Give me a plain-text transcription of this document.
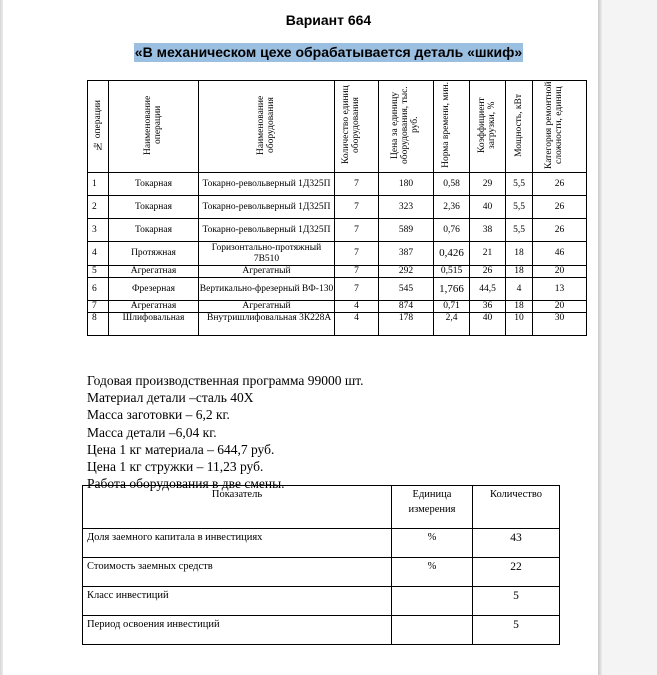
Вариант 664
«В механическом цехе обрабатывается деталь «шкиф»
№ операции	Наименование операции	Наименование оборудования	Количество единиц оборудования	Цена за единицу оборудования, тыс. руб.	Норма времени, мин.	Коэффициент загрузки, %	Мощность, кВт	Категория ремонтной сложности, единиц
1	Токарная	Токарно-револьверный 1Д325П	7	180	0,58	29	5,5	26
2	Токарная	Токарно-револьверный 1Д325П	7	323	2,36	40	5,5	26
3	Токарная	Токарно-револьверный 1Д325П	7	589	0,76	38	5,5	26
4	Протяжная	Горизонтально-протяжный 7В510	7	387	0,426	21	18	46
5	Агрегатная	Агрегатный	7	292	0,515	26	18	20
6	Фрезерная	Вертикально-фрезерный ВФ-130	7	545	1,766	44,5	4	13
7	Агрегатная	Агрегатный	4	874	0,71	36	18	20
8	Шлифовальная	Внутришлифовальная 3К228А	4	178	2,4	40	10	30
Годовая производственная программа 99000 шт.
Материал детали –сталь 40Х
Масса заготовки – 6,2 кг.
Масса детали –6,04 кг.
Цена 1 кг материала – 644,7 руб.
Цена 1 кг стружки – 11,23 руб.
Работа оборудования в две смены.
Показатель	Единица измерения	Количество
Доля заемного капитала в инвестициях	%	43
Стоимость заемных средств	%	22
Класс инвестиций		5
Период освоения инвестиций		5
